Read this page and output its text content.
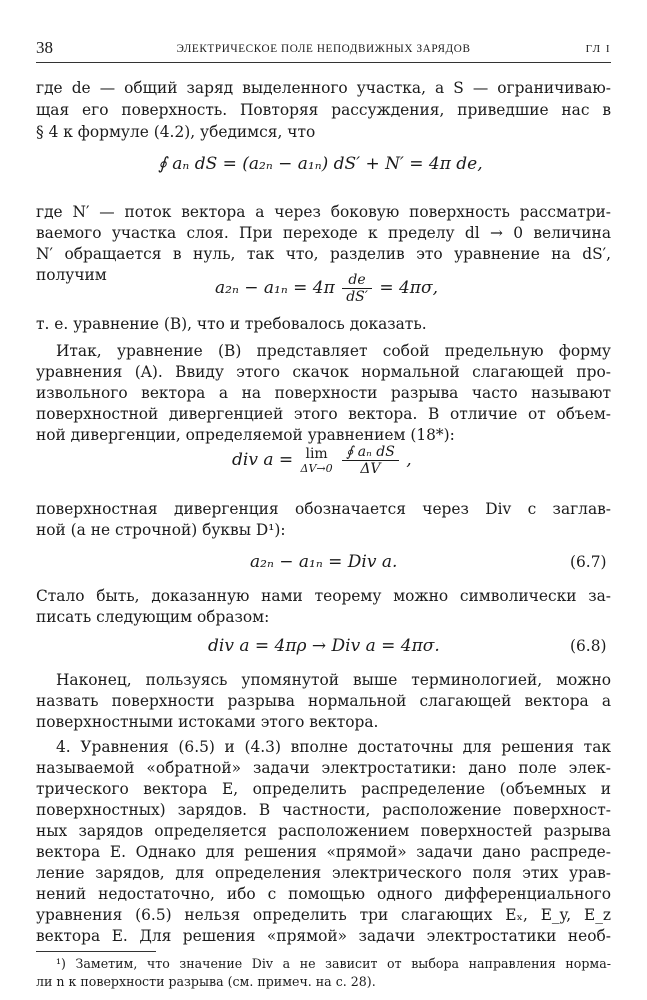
38	ЭЛЕКТРИЧЕСКОЕ ПОЛЕ НЕПОДВИЖНЫХ ЗАРЯДОВ	ГЛ I
где de — общий заряд выделенного участка, а S — ограничиваю-
щая его поверхность. Повторяя рассуждения, приведшие нас в
§ 4 к формуле (4.2), убедимся, что
∮ aₙ dS = (a₂ₙ − a₁ₙ) dS′ + N′ = 4π de,
где N′ — поток вектора a через боковую поверхность рассматри-
ваемого участка слоя. При переходе к пределу dl → 0 величина
N′ обращается в нуль, так что, разделив это уравнение на dS′,
получим
$a_{2n} - a_{1n} = 4\pi \frac{de}{dS'} = 4\pi\sigma$,
т. е. уравнение (B), что и требовалось доказать.
Итак, уравнение (B) представляет собой предельную форму
уравнения (A). Ввиду этого скачок нормальной слагающей про-
извольного вектора a на поверхности разрыва часто называют
поверхностной дивергенцией этого вектора. В отличие от объем-
ной дивергенции, определяемой уравнением (18*):
div a = lim
ΔV→0
$\frac{\text{∮ aₙ dS}}{\Delta V}$ ,
поверхностная дивергенция обозначается через Div с заглав-
ной (а не строчной) буквы D¹):
a₂ₙ − a₁ₙ = Div a.	(6.7)
Стало быть, доказанную нами теорему можно символически за-
писать следующим образом:
div a = 4πρ → Div a = 4πσ.	(6.8)
Наконец, пользуясь упомянутой выше терминологией, можно
назвать поверхности разрыва нормальной слагающей вектора a
поверхностными истоками этого вектора.
4. Уравнения (6.5) и (4.3) вполне достаточны для решения так
называемой «обратной» задачи электростатики: дано поле элек-
трического вектора E, определить распределение (объемных и
поверхностных) зарядов. В частности, расположение поверхност-
ных зарядов определяется расположением поверхностей разрыва
вектора E. Однако для решения «прямой» задачи дано распреде-
ление зарядов, для определения электрического поля этих урав-
нений недостаточно, ибо с помощью одного дифференциального
уравнения (6.5) нельзя определить три слагающих Eₓ, E_y, E_z
вектора E. Для решения «прямой» задачи электростатики необ-
¹) Заметим, что значение Div a не зависит от выбора направления норма-
ли n к поверхности разрыва (см. примеч. на с. 28).
